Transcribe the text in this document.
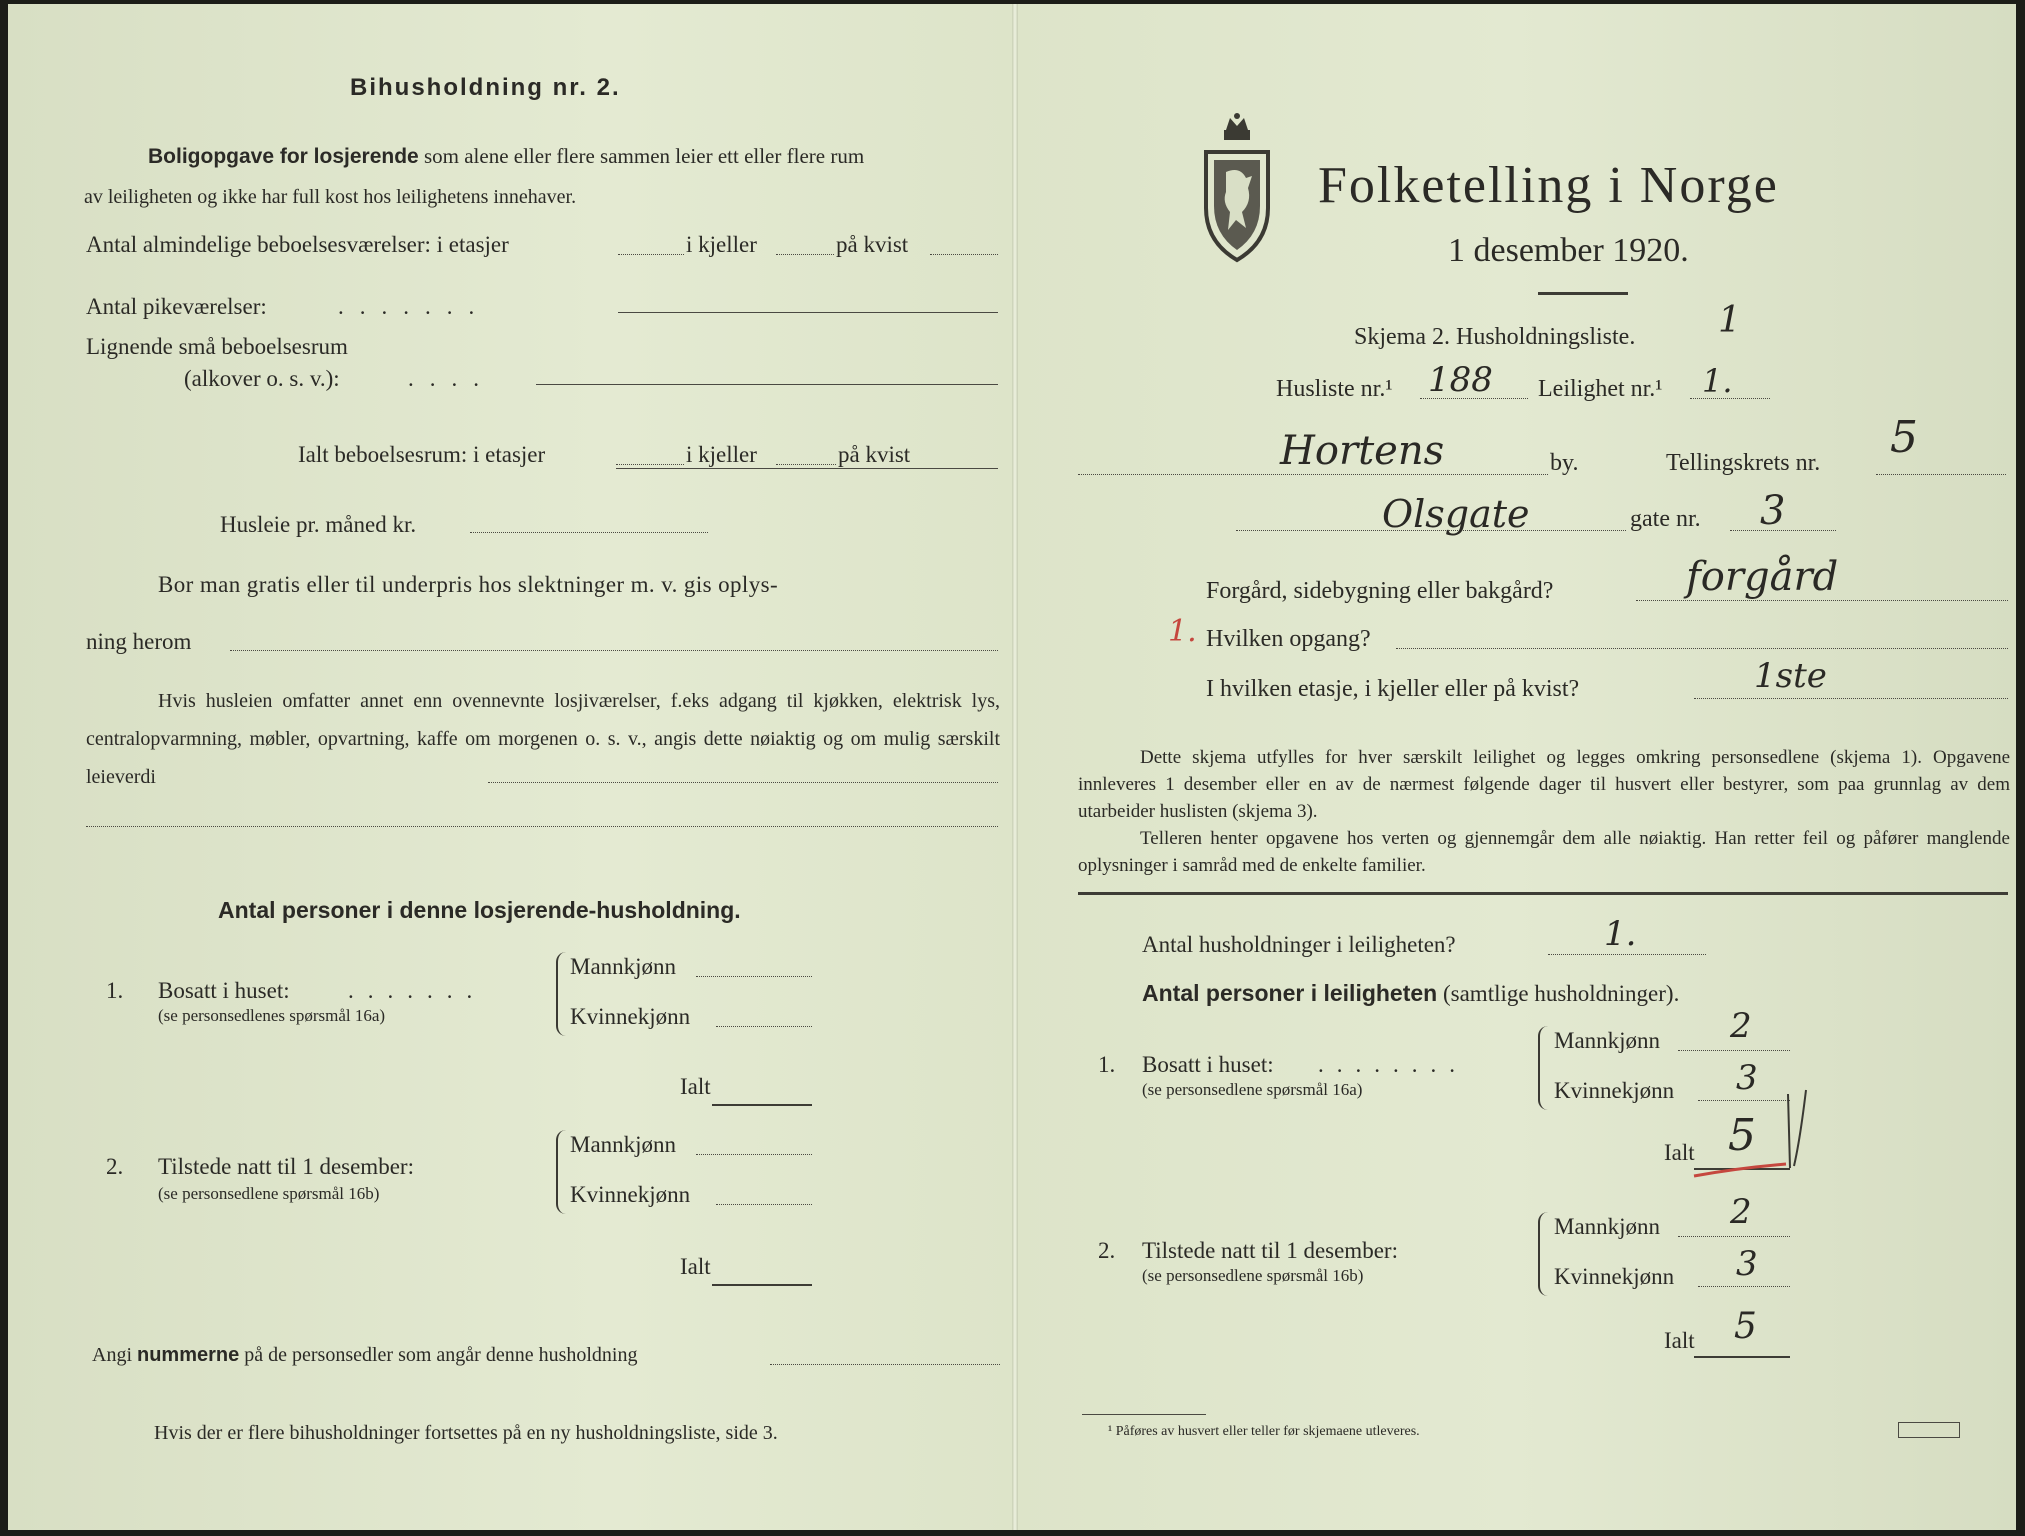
Bihusholdning nr. 2.
Boligopgave for losjerende som alene eller flere sammen leier ett eller flere rum
av leiligheten og ikke har full kost hos leilighetens innehaver.
Antal almindelige beboelsesværelser: i etasjer	i kjeller	på kvist
Antal pikeværelser:	.......
Lignende små beboelsesrum
(alkover o. s. v.):	....
Ialt beboelsesrum: i etasjer	i kjeller	på kvist
Husleie pr. måned kr.
Bor man gratis eller til underpris hos slektninger m. v. gis oplys-
ning herom
Hvis husleien omfatter annet enn ovennevnte losjiværelser, f.eks adgang til kjøkken, elektrisk lys, centralopvarmning, møbler, opvartning, kaffe om morgenen o. s. v., angis dette nøiaktig og om mulig særskilt leieverdi
Antal personer i denne losjerende-husholdning.
1. Bosatt i huset:	.......
(se personsedlenes spørsmål 16a)
Mannkjønn
Kvinnekjønn
Ialt
2. Tilstede natt til 1 desember:
(se personsedlene spørsmål 16b)
Mannkjønn
Kvinnekjønn
Ialt
Angi nummerne på de personsedler som angår denne husholdning
Hvis der er flere bihusholdninger fortsettes på en ny husholdningsliste, side 3.
Folketelling i Norge
1 desember 1920.
Skjema 2. Husholdningsliste. 1
Husliste nr.¹ 188 Leilighet nr.¹ 1.
Hortens	by.	Tellingskrets nr. 5
Olsgate	gate nr. 3
Forgård, sidebygning eller bakgård?	forgård
1. Hvilken opgang?
I hvilken etasje, i kjeller eller på kvist?	1ste
Dette skjema utfylles for hver særskilt leilighet og legges omkring personsedlene (skjema 1). Opgavene innleveres 1 desember eller en av de nærmest følgende dager til husvert eller bestyrer, som paa grunnlag av dem utarbeider huslisten (skjema 3).
Telleren henter opgavene hos verten og gjennemgår dem alle nøiaktig. Han retter feil og påfører manglende oplysninger i samråd med de enkelte familier.
Antal husholdninger i leiligheten?	1.
Antal personer i leiligheten (samtlige husholdninger).
1. Bosatt i huset: ........
(se personsedlene spørsmål 16a)
Mannkjønn 2
Kvinnekjønn 3
Ialt 5
2. Tilstede natt til 1 desember:
(se personsedlene spørsmål 16b)
Mannkjønn 2
Kvinnekjønn 3
Ialt 5
¹ Påføres av husvert eller teller før skjemaene utleveres.
